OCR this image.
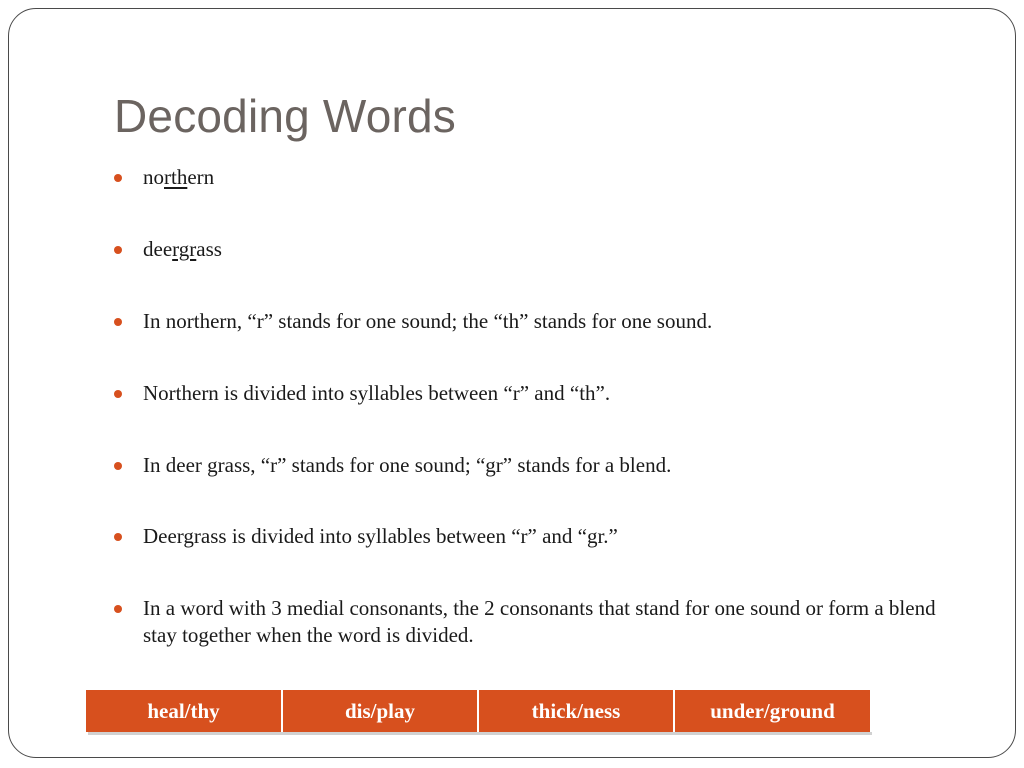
Decoding Words
northern
deergrass
In northern, “r” stands for one sound; the “th” stands for one sound.
Northern is divided into syllables between “r” and “th”.
In deer grass, “r” stands for one sound; “gr” stands for a blend.
Deergrass is divided into syllables between “r” and “gr.”
In a word with 3 medial consonants, the 2 consonants that stand for one sound or form a blend stay together when the word is divided.
heal/thy	dis/play	thick/ness	under/ground
